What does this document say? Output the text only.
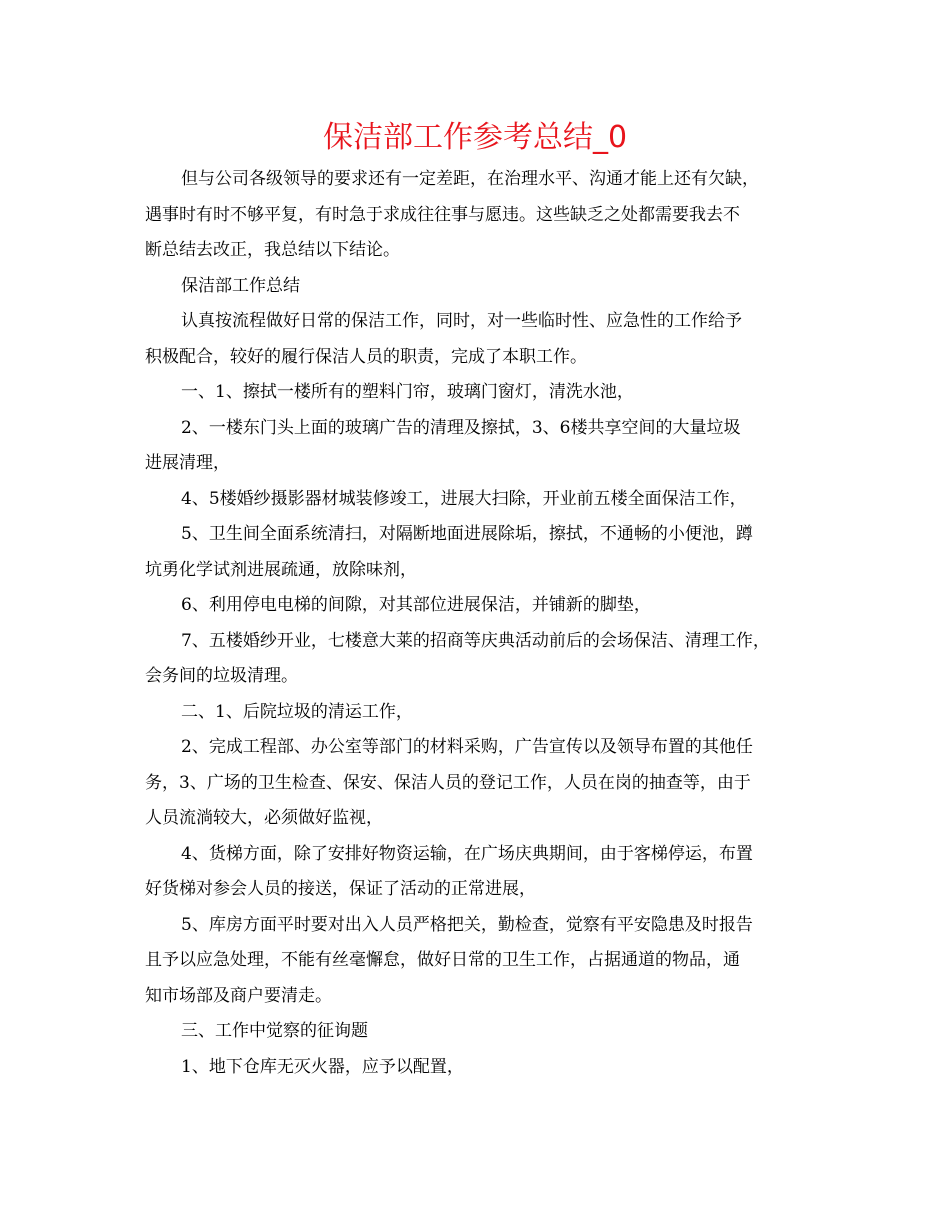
保洁部工作参考总结_0
但与公司各级领导的要求还有一定差距，在治理水平、沟通才能上还有欠缺，
遇事时有时不够平复，有时急于求成往往事与愿违。这些缺乏之处都需要我去不
断总结去改正，我总结以下结论。
保洁部工作总结
认真按流程做好日常的保洁工作，同时，对一些临时性、应急性的工作给予
积极配合，较好的履行保洁人员的职责，完成了本职工作。
一、1、擦拭一楼所有的塑料门帘，玻璃门窗灯，清洗水池，
2、一楼东门头上面的玻璃广告的清理及擦拭，3、6楼共享空间的大量垃圾
进展清理，
4、5楼婚纱摄影器材城装修竣工，进展大扫除，开业前五楼全面保洁工作，
5、卫生间全面系统清扫，对隔断地面进展除垢，擦拭，不通畅的小便池，蹲
坑勇化学试剂进展疏通，放除味剂，
6、利用停电电梯的间隙，对其部位进展保洁，并铺新的脚垫，
7、五楼婚纱开业，七楼意大莱的招商等庆典活动前后的会场保洁、清理工作，
会务间的垃圾清理。
二、1、后院垃圾的清运工作，
2、完成工程部、办公室等部门的材料采购，广告宣传以及领导布置的其他任
务，3、广场的卫生检查、保安、保洁人员的登记工作，人员在岗的抽查等，由于
人员流淌较大，必须做好监视，
4、货梯方面，除了安排好物资运输，在广场庆典期间，由于客梯停运，布置
好货梯对参会人员的接送，保证了活动的正常进展，
5、库房方面平时要对出入人员严格把关，勤检查，觉察有平安隐患及时报告
且予以应急处理，不能有丝毫懈怠，做好日常的卫生工作，占据通道的物品，通
知市场部及商户要清走。
三、工作中觉察的征询题
1、地下仓库无灭火器，应予以配置，
